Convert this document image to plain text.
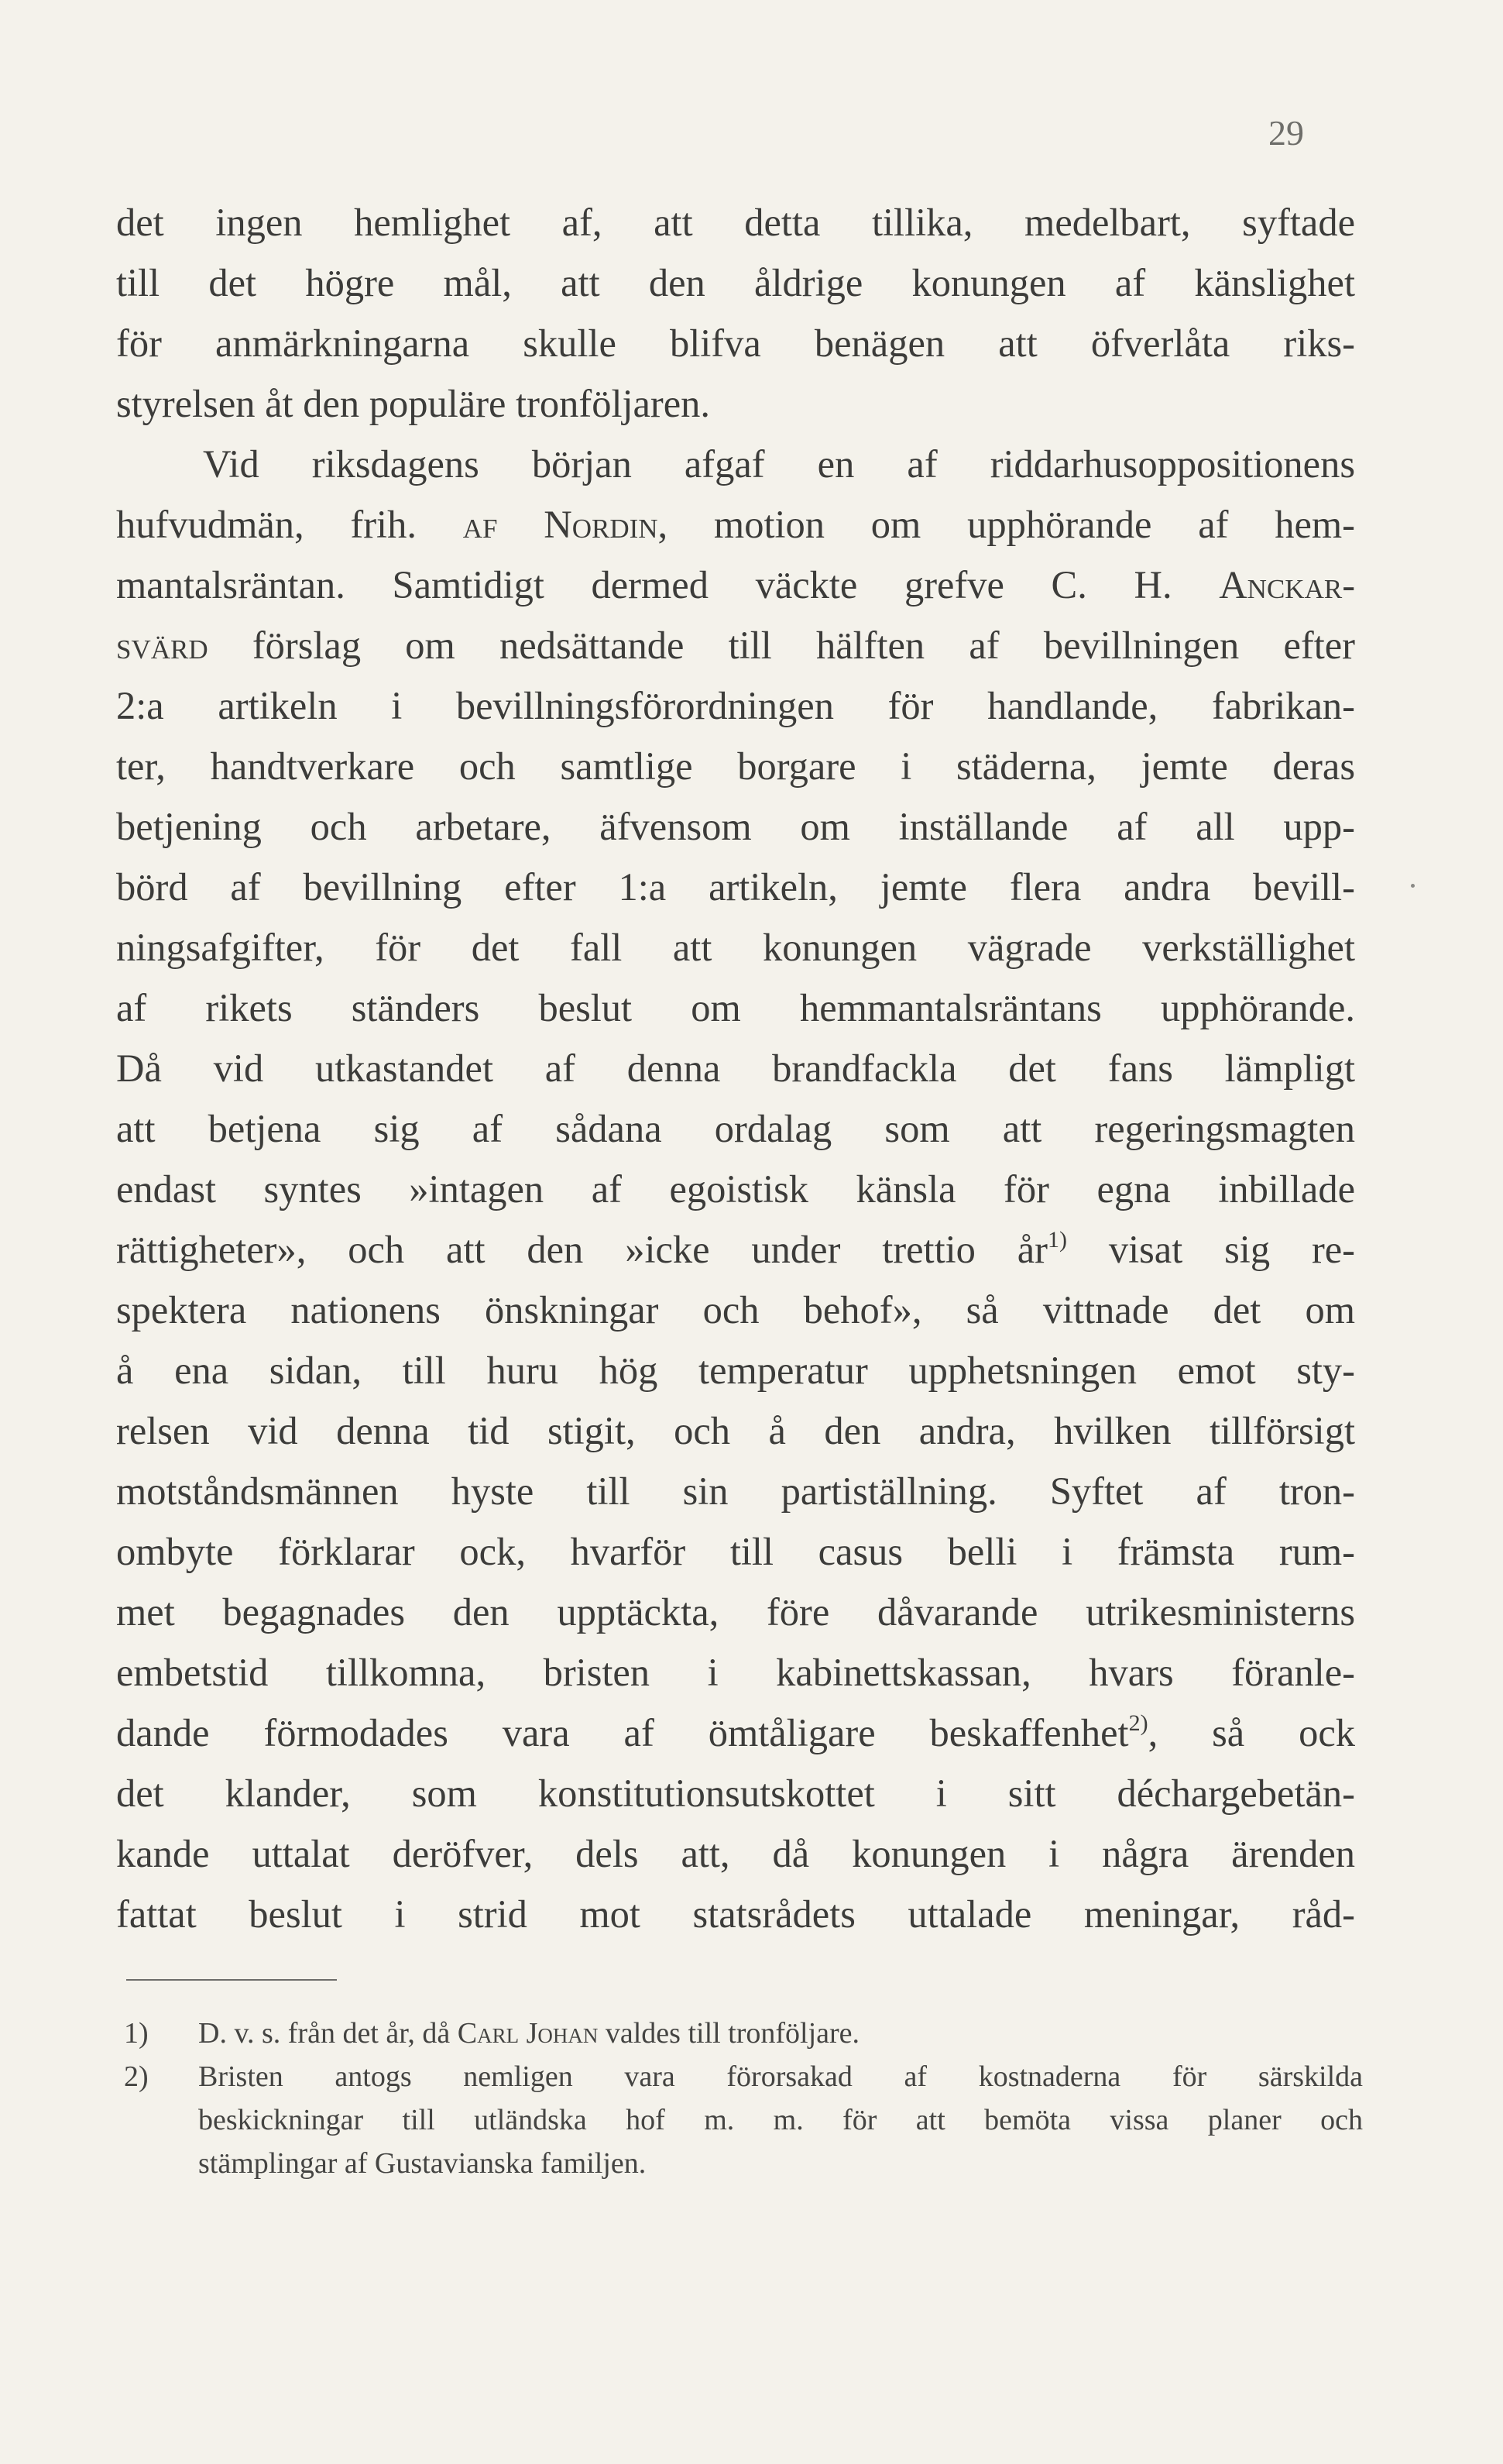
29
det ingen hemlighet af, att detta tillika, medelbart, syftade
till det högre mål, att den åldrige konungen af känslighet
för anmärkningarna skulle blifva benägen att öfverlåta riks-
styrelsen åt den populäre tronföljaren.
Vid riksdagens början afgaf en af riddarhusoppositionens
hufvudmän, frih. af Nordin, motion om upphörande af hem-
mantalsräntan. Samtidigt dermed väckte grefve C. H. Anckar-
svärd förslag om nedsättande till hälften af bevillningen efter
2:a artikeln i bevillningsförordningen för handlande, fabrikan-
ter, handtverkare och samtlige borgare i städerna, jemte deras
betjening och arbetare, äfvensom om inställande af all upp-
börd af bevillning efter 1:a artikeln, jemte flera andra bevill-
ningsafgifter, för det fall att konungen vägrade verkställighet
af rikets ständers beslut om hemmantalsräntans upphörande.
Då vid utkastandet af denna brandfackla det fans lämpligt
att betjena sig af sådana ordalag som att regeringsmagten
endast syntes »intagen af egoistisk känsla för egna inbillade
rättigheter», och att den »icke under trettio $år^{1)}$ visat sig re-
spektera nationens önskningar och behof», så vittnade det om
å ena sidan, till huru hög temperatur upphetsningen emot sty-
relsen vid denna tid stigit, och å den andra, hvilken tillförsigt
motståndsmännen hyste till sin partiställning. Syftet af tron-
ombyte förklarar ock, hvarför till casus belli i främsta rum-
met begagnades den upptäckta, före dåvarande utrikesministerns
embetstid tillkomna, bristen i kabinettskassan, hvars föranle-
dande förmodades vara af ömtåligare beskaffenhet$^{2)}$, så ock
det klander, som konstitutionsutskottet i sitt déchargebetän-
kande uttalat deröfver, dels att, då konungen i några ärenden
fattat beslut i strid mot statsrådets uttalade meningar, råd-
1) D. v. s. från det år, då Carl Johan valdes till tronföljare.
2) Bristen antogs nemligen vara förorsakad af kostnaderna för särskilda
beskickningar till utländska hof m. m. för att bemöta vissa planer och
stämplingar af Gustavianska familjen.
